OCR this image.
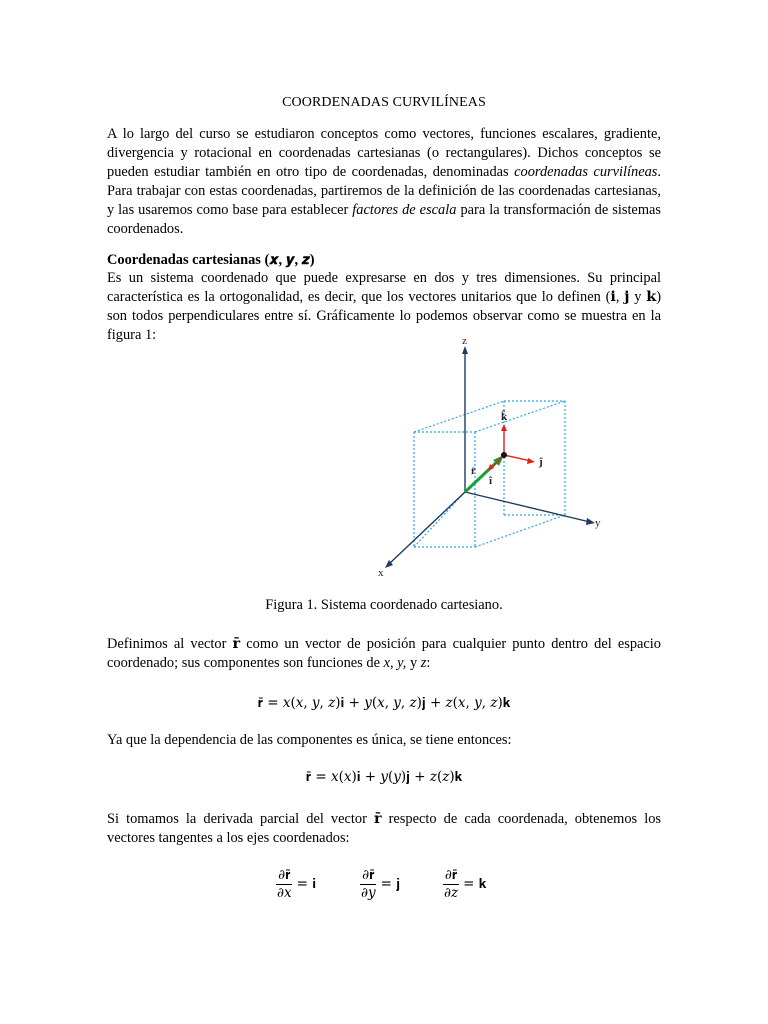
COORDENADAS CURVILÍNEAS
A lo largo del curso se estudiaron conceptos como vectores, funciones escalares, gradiente, divergencia y rotacional en coordenadas cartesianas (o rectangulares). Dichos conceptos se pueden estudiar también en otro tipo de coordenadas, denominadas coordenadas curvilíneas. Para trabajar con estas coordenadas, partiremos de la definición de las coordenadas cartesianas, y las usaremos como base para establecer factores de escala para la transformación de sistemas coordenados.
Coordenadas cartesianas (𝒙, 𝒚, 𝒛)
Es un sistema coordenado que puede expresarse en dos y tres dimensiones. Su principal característica es la ortogonalidad, es decir, que los vectores unitarios que lo definen (𝐢, 𝐣 y 𝐤) son todos perpendiculares entre sí. Gráficamente lo podemos observar como se muestra en la figura 1:	z
y
x
k̂
ĵ
î
r̄
Figura 1. Sistema coordenado cartesiano.
Definimos al vector 𝐫̄ como un vector de posición para cualquier punto dentro del espacio coordenado; sus componentes son funciones de x, y, y z:
𝐫̄ = 𝑥(𝑥, 𝑦, 𝑧)𝐢 + 𝑦(𝑥, 𝑦, 𝑧)𝐣 + 𝑧(𝑥, 𝑦, 𝑧)𝐤
Ya que la dependencia de las componentes es única, se tiene entonces:
𝐫̄ = 𝑥(𝑥)𝐢 + 𝑦(𝑦)𝐣 + 𝑧(𝑧)𝐤
Si tomamos la derivada parcial del vector 𝐫̄ respecto de cada coordenada, obtenemos los vectores tangentes a los ejes coordenados:
$\frac{\text{∂𝐫̄}}{\text{∂𝑥}}$ = 𝐢	$\frac{\text{∂𝐫̄}}{\text{∂𝑦}}$ = 𝐣	$\frac{\text{∂𝐫̄}}{\text{∂𝑧}}$ = 𝐤
